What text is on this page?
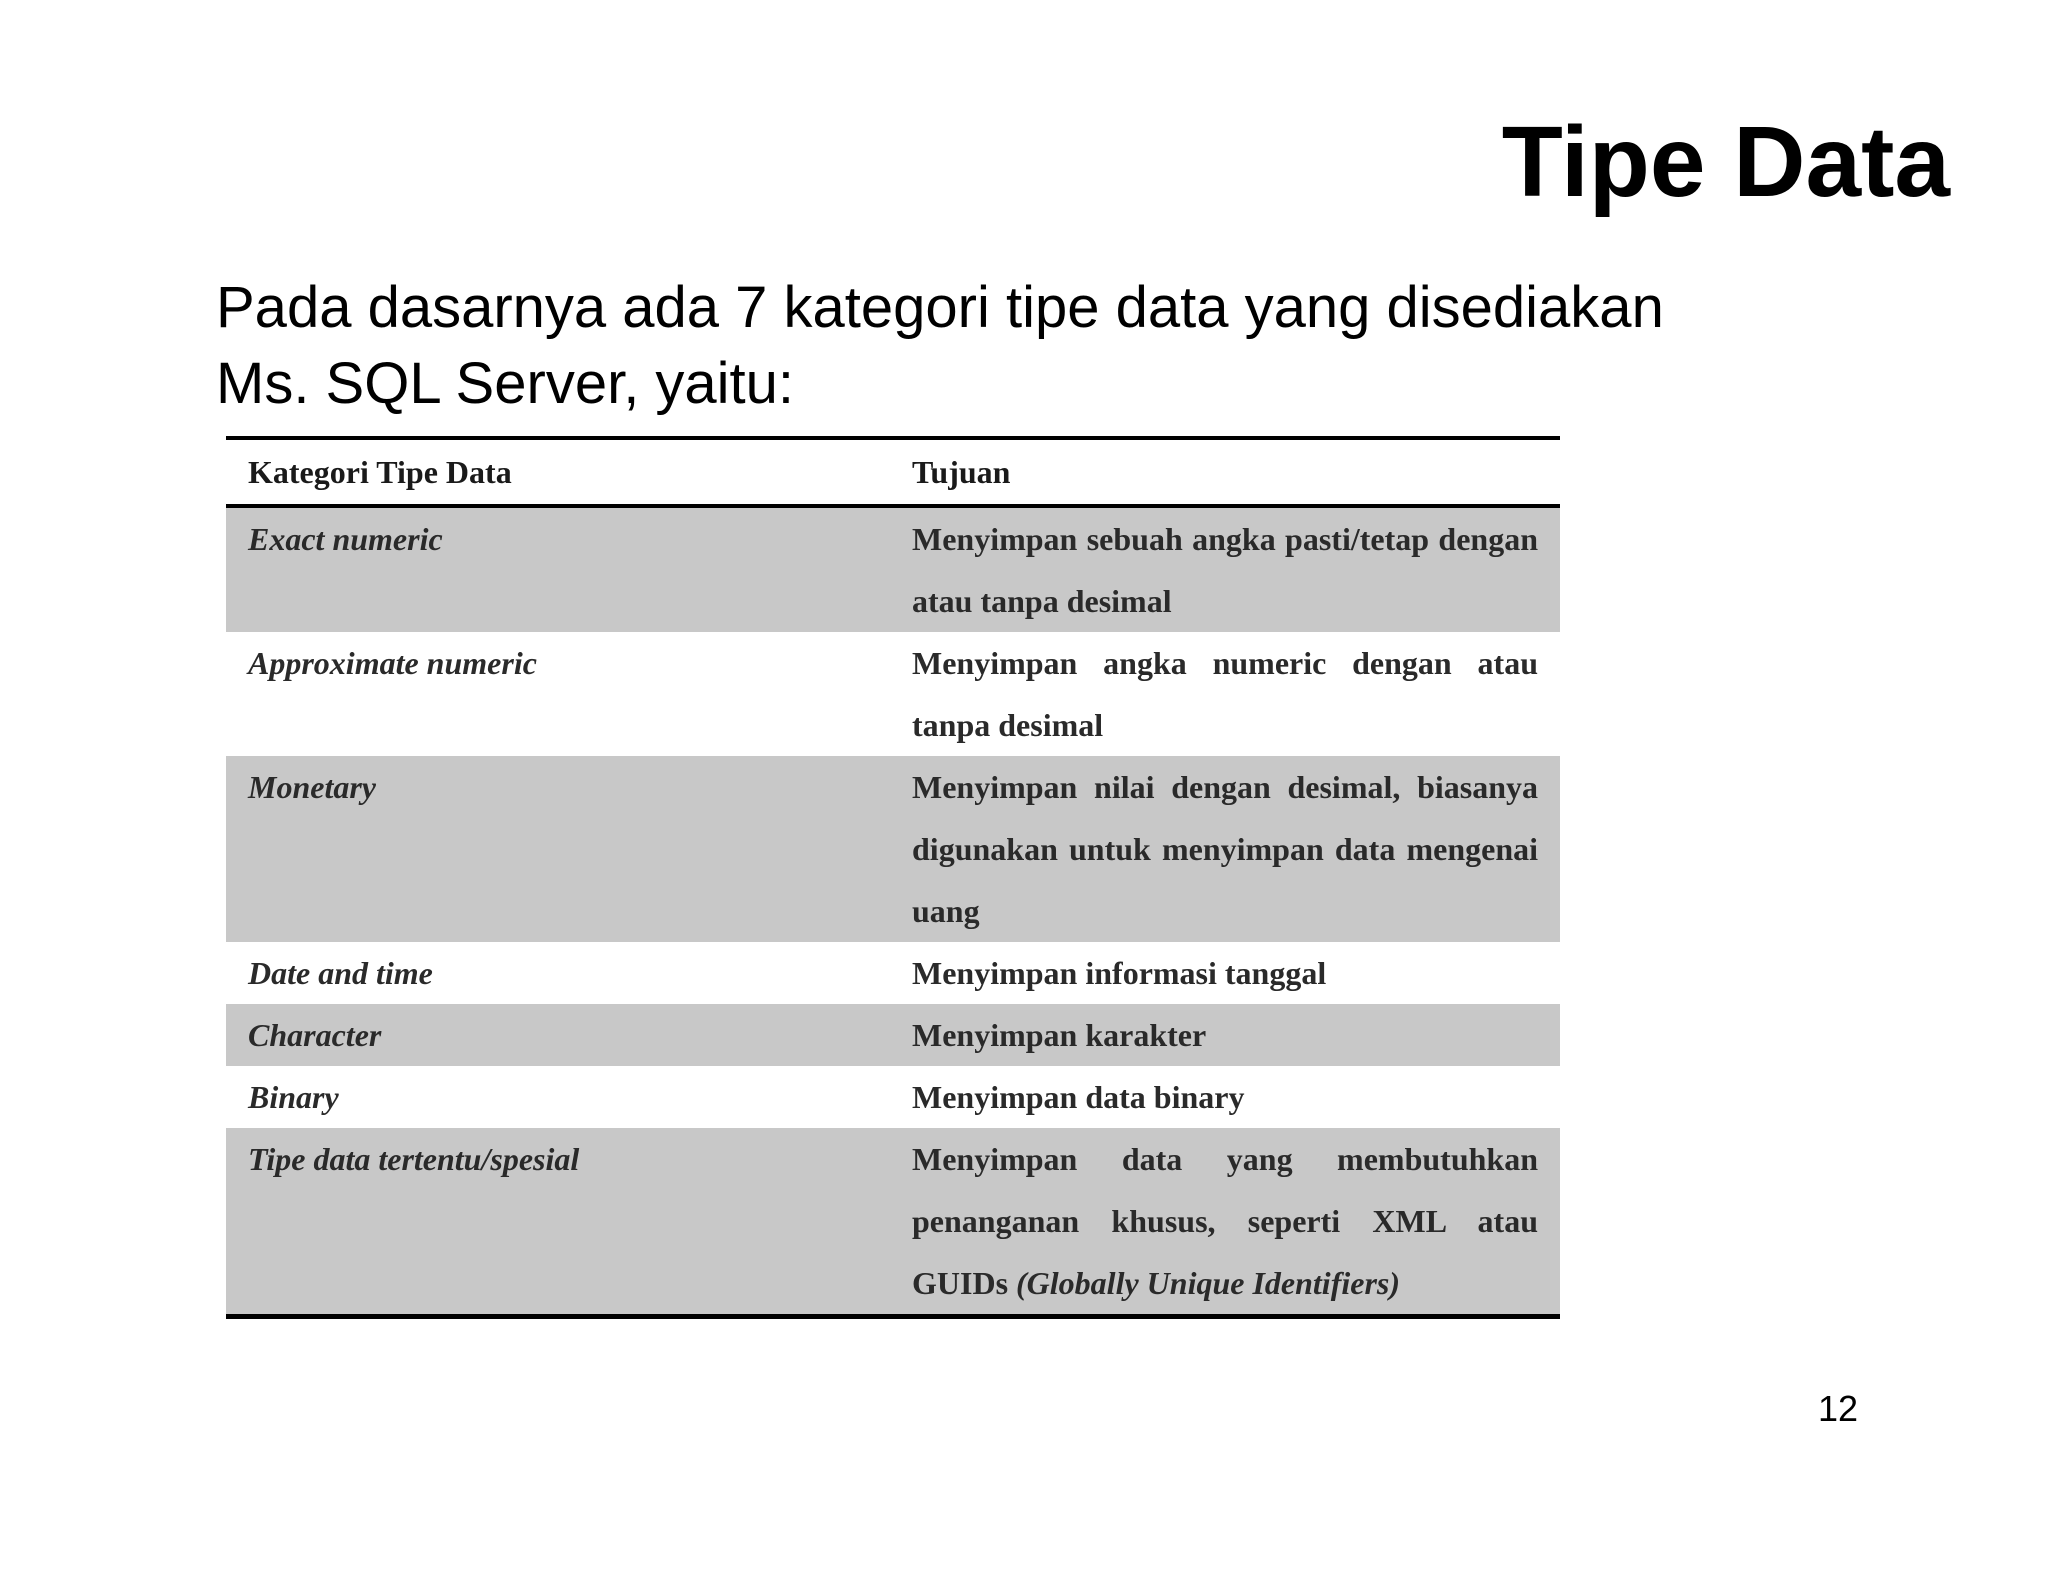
Tipe Data

Pada dasarnya ada 7 kategori tipe data yang disediakan
Ms. SQL Server, yaitu:

Kategori Tipe Data	Tujuan
Exact numeric	Menyimpan sebuah angka pasti/tetap dengan atau tanpa desimal
Approximate numeric	Menyimpan angka numeric dengan atau tanpa desimal
Monetary	Menyimpan nilai dengan desimal, biasanya digunakan untuk menyimpan data mengenai uang
Date and time	Menyimpan informasi tanggal
Character	Menyimpan karakter
Binary	Menyimpan data binary
Tipe data tertentu/spesial	Menyimpan data yang membutuhkan penanganan khusus, seperti XML atau GUIDs (Globally Unique Identifiers)
12
